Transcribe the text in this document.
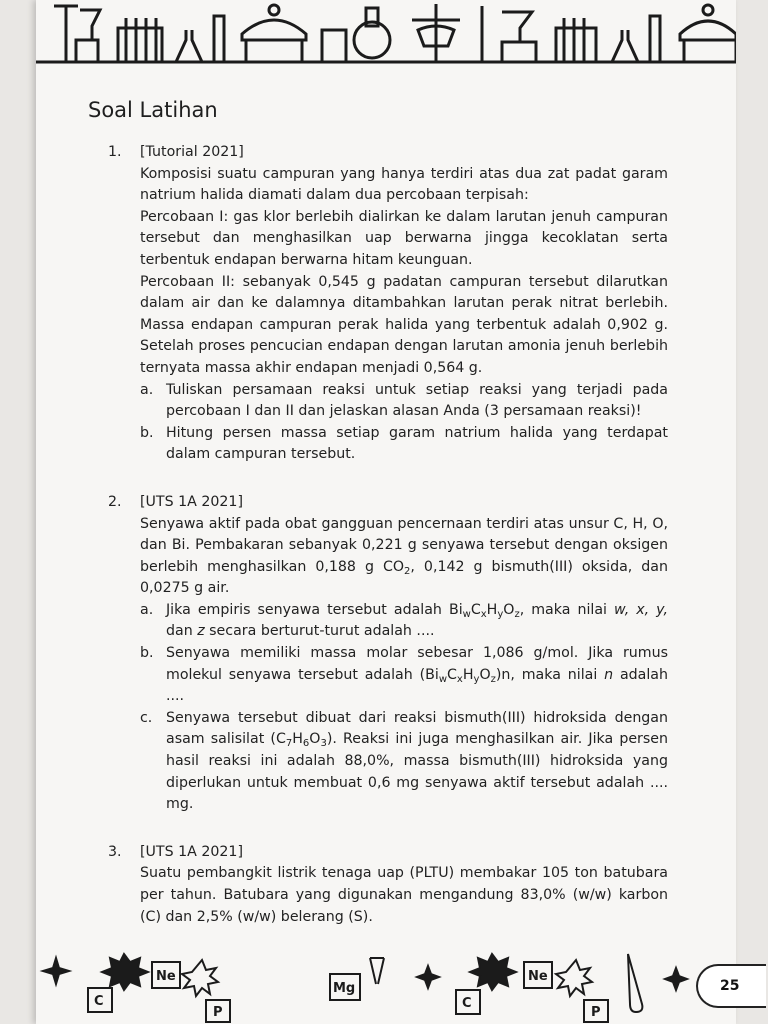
Soal Latihan
1.	[Tutorial 2021]
Komposisi suatu campuran yang hanya terdiri atas dua zat padat garam natrium halida diamati dalam dua percobaan terpisah:
Percobaan I: gas klor berlebih dialirkan ke dalam larutan jenuh campuran tersebut dan menghasilkan uap berwarna jingga kecoklatan serta terbentuk endapan berwarna hitam keunguan.
Percobaan II: sebanyak 0,545 g padatan campuran tersebut dilarutkan dalam air dan ke dalamnya ditambahkan larutan perak nitrat berlebih. Massa endapan campuran perak halida yang terbentuk adalah 0,902 g. Setelah proses pencucian endapan dengan larutan amonia jenuh berlebih ternyata massa akhir endapan menjadi 0,564 g.
a. Tuliskan persamaan reaksi untuk setiap reaksi yang terjadi pada percobaan I dan II dan jelaskan alasan Anda (3 persamaan reaksi)!
b. Hitung persen massa setiap garam natrium halida yang terdapat dalam campuran tersebut.
2.	[UTS 1A 2021]
Senyawa aktif pada obat gangguan pencernaan terdiri atas unsur C, H, O, dan Bi. Pembakaran sebanyak 0,221 g senyawa tersebut dengan oksigen berlebih menghasilkan 0,188 g $CO_2$, 0,142 g bismuth(III) oksida, dan 0,0275 g air.
a. Jika empiris senyawa tersebut adalah $Bi_wC_xH_yO_z$, maka nilai w, x, y, dan z secara berturut-turut adalah ....
b. Senyawa memiliki massa molar sebesar 1,086 g/mol. Jika rumus molekul senyawa tersebut adalah $(Bi_wC_xH_yO_z)n$, maka nilai n adalah ....
c. Senyawa tersebut dibuat dari reaksi bismuth(III) hidroksida dengan asam salisilat $(C_7H_6O_3)$. Reaksi ini juga menghasilkan air. Jika persen hasil reaksi ini adalah 88,0%, massa bismuth(III) hidroksida yang diperlukan untuk membuat 0,6 mg senyawa aktif tersebut adalah .... mg.
3.	[UTS 1A 2021]
Suatu pembangkit listrik tenaga uap (PLTU) membakar 105 ton batubara per tahun. Batubara yang digunakan mengandung 83,0% (w/w) karbon (C) dan 2,5% (w/w) belerang (S).
C
Ne
P
Mg
C
Ne
P
25
